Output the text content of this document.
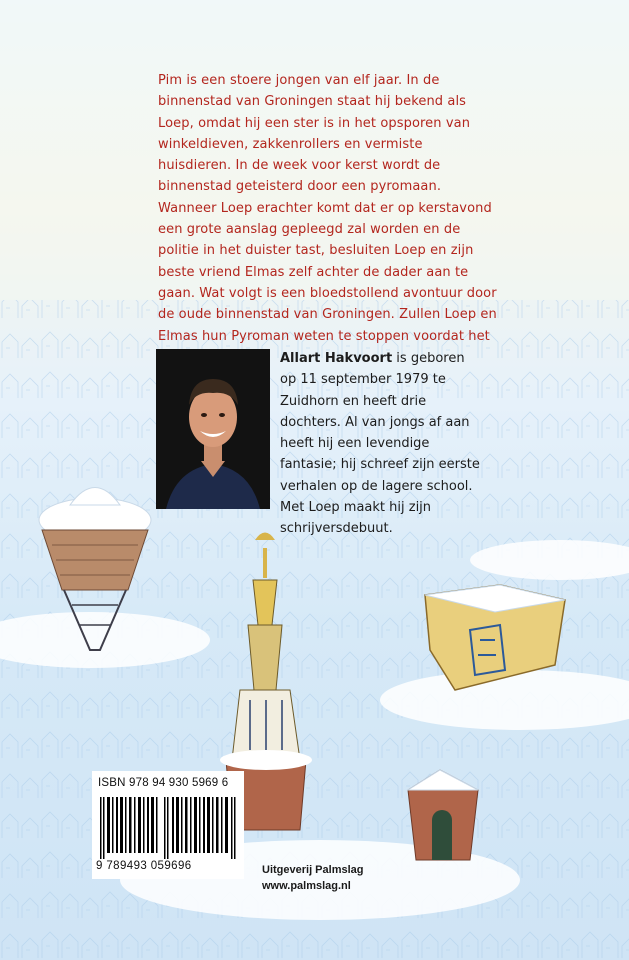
Pim is een stoere jongen van elf jaar. In de binnenstad van Groningen staat hij bekend als Loep, omdat hij een ster is in het opsporen van winkeldieven, zakkenrollers en vermiste huisdieren. In de week voor kerst wordt de binnenstad geteisterd door een pyromaan. Wanneer Loep erachter komt dat er op kerstavond een grote aanslag gepleegd zal worden en de politie in het duister tast, besluiten Loep en zijn beste vriend Elmas zelf achter de dader aan te gaan. Wat volgt is een bloedstollend avontuur door de oude binnenstad van Groningen. Zullen Loep en Elmas hun Pyroman weten te stoppen voordat het
Allart Hakvoort is geboren op 11 september 1979 te Zuidhorn en heeft drie dochters. Al van jongs af aan heeft hij een levendige fantasie; hij schreef zijn eerste verhalen op de lagere school. Met Loep maakt hij zijn schrijversdebuut.
ISBN 978 94 930 5969 6
9 789493 059696	Uitgeverij Palmslag
www.palmslag.nl
